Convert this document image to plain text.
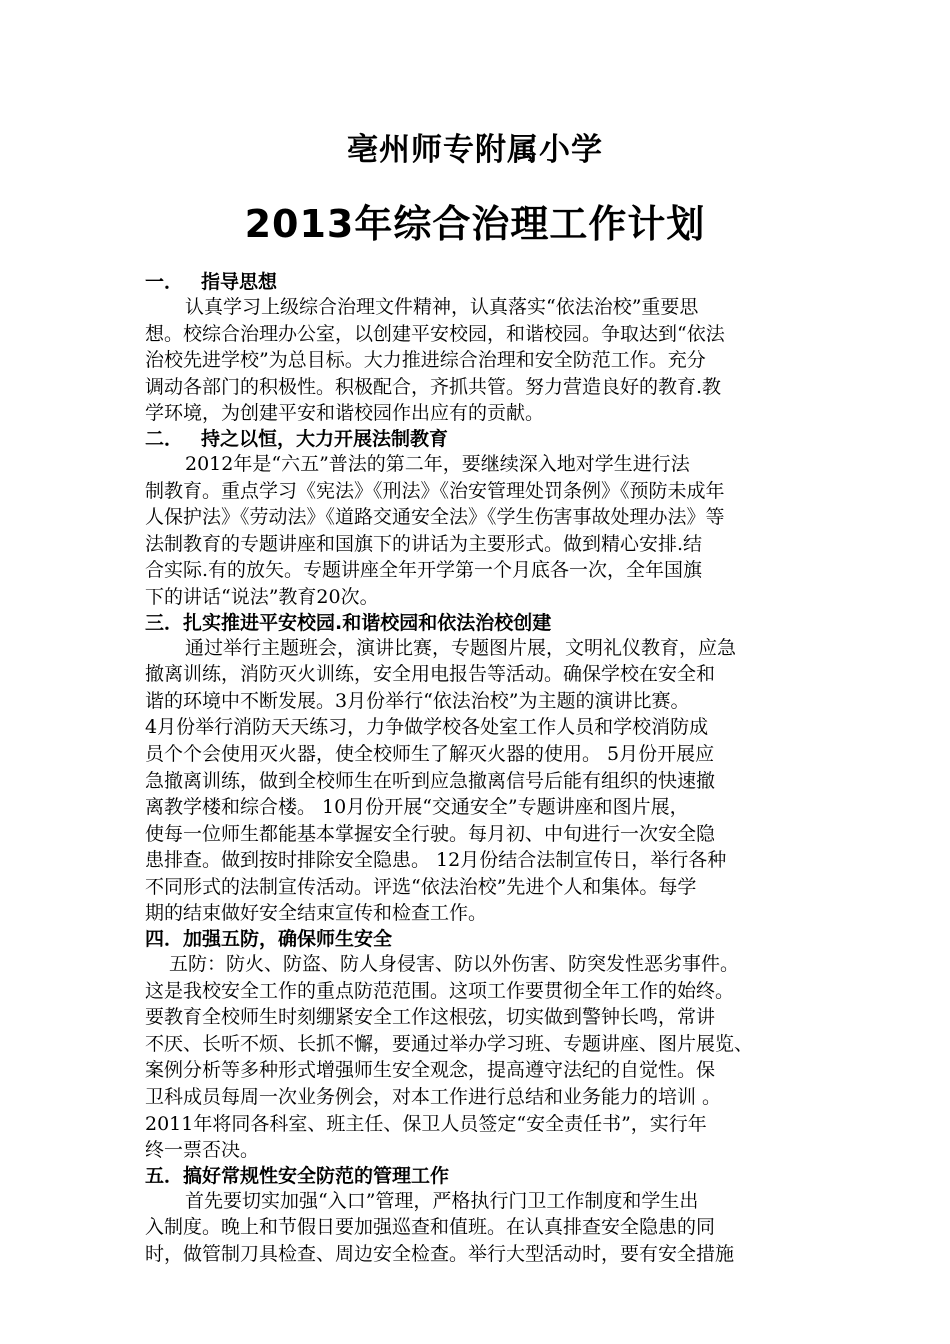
亳州师专附属小学
2013年综合治理工作计划
一． 指导思想
认真学习上级综合治理文件精神，认真落实“依法治校”重要思
想。校综合治理办公室，以创建平安校园，和谐校园。争取达到“依法
治校先进学校”为总目标。大力推进综合治理和安全防范工作。充分
调动各部门的积极性。积极配合，齐抓共管。努力营造良好的教育.教
学环境，为创建平安和谐校园作出应有的贡献。
二． 持之以恒，大力开展法制教育
2012年是“六五”普法的第二年，要继续深入地对学生进行法
制教育。重点学习《宪法》《刑法》《治安管理处罚条例》《预防未成年
人保护法》《劳动法》《道路交通安全法》《学生伤害事故处理办法》等
法制教育的专题讲座和国旗下的讲话为主要形式。做到精心安排.结
合实际.有的放矢。专题讲座全年开学第一个月底各一次，全年国旗
下的讲话“说法”教育20次。
三．扎实推进平安校园.和谐校园和依法治校创建
通过举行主题班会，演讲比赛，专题图片展，文明礼仪教育，应急
撤离训练，消防灭火训练，安全用电报告等活动。确保学校在安全和
谐的环境中不断发展。3月份举行“依法治校”为主题的演讲比赛。
4月份举行消防天天练习，力争做学校各处室工作人员和学校消防成
员个个会使用灭火器，使全校师生了解灭火器的使用。 5月份开展应
急撤离训练，做到全校师生在听到应急撤离信号后能有组织的快速撤
离教学楼和综合楼。 10月份开展“交通安全”专题讲座和图片展，
使每一位师生都能基本掌握安全行驶。每月初、中旬进行一次安全隐
患排查。做到按时排除安全隐患。 12月份结合法制宣传日，举行各种
不同形式的法制宣传活动。评选“依法治校”先进个人和集体。每学
期的结束做好安全结束宣传和检查工作。
四．加强五防，确保师生安全
五防：防火、防盗、防人身侵害、防以外伤害、防突发性恶劣事件。
这是我校安全工作的重点防范范围。这项工作要贯彻全年工作的始终。
要教育全校师生时刻绷紧安全工作这根弦，切实做到警钟长鸣，常讲
不厌、长听不烦、长抓不懈，要通过举办学习班、专题讲座、图片展览、
案例分析等多种形式增强师生安全观念，提高遵守法纪的自觉性。保
卫科成员每周一次业务例会，对本工作进行总结和业务能力的培训 。
2011年将同各科室、班主任、保卫人员签定“安全责任书”，实行年
终一票否决。
五．搞好常规性安全防范的管理工作
首先要切实加强“入口”管理，严格执行门卫工作制度和学生出
入制度。晚上和节假日要加强巡查和值班。在认真排查安全隐患的同
时，做管制刀具检查、周边安全检查。举行大型活动时，要有安全措施
